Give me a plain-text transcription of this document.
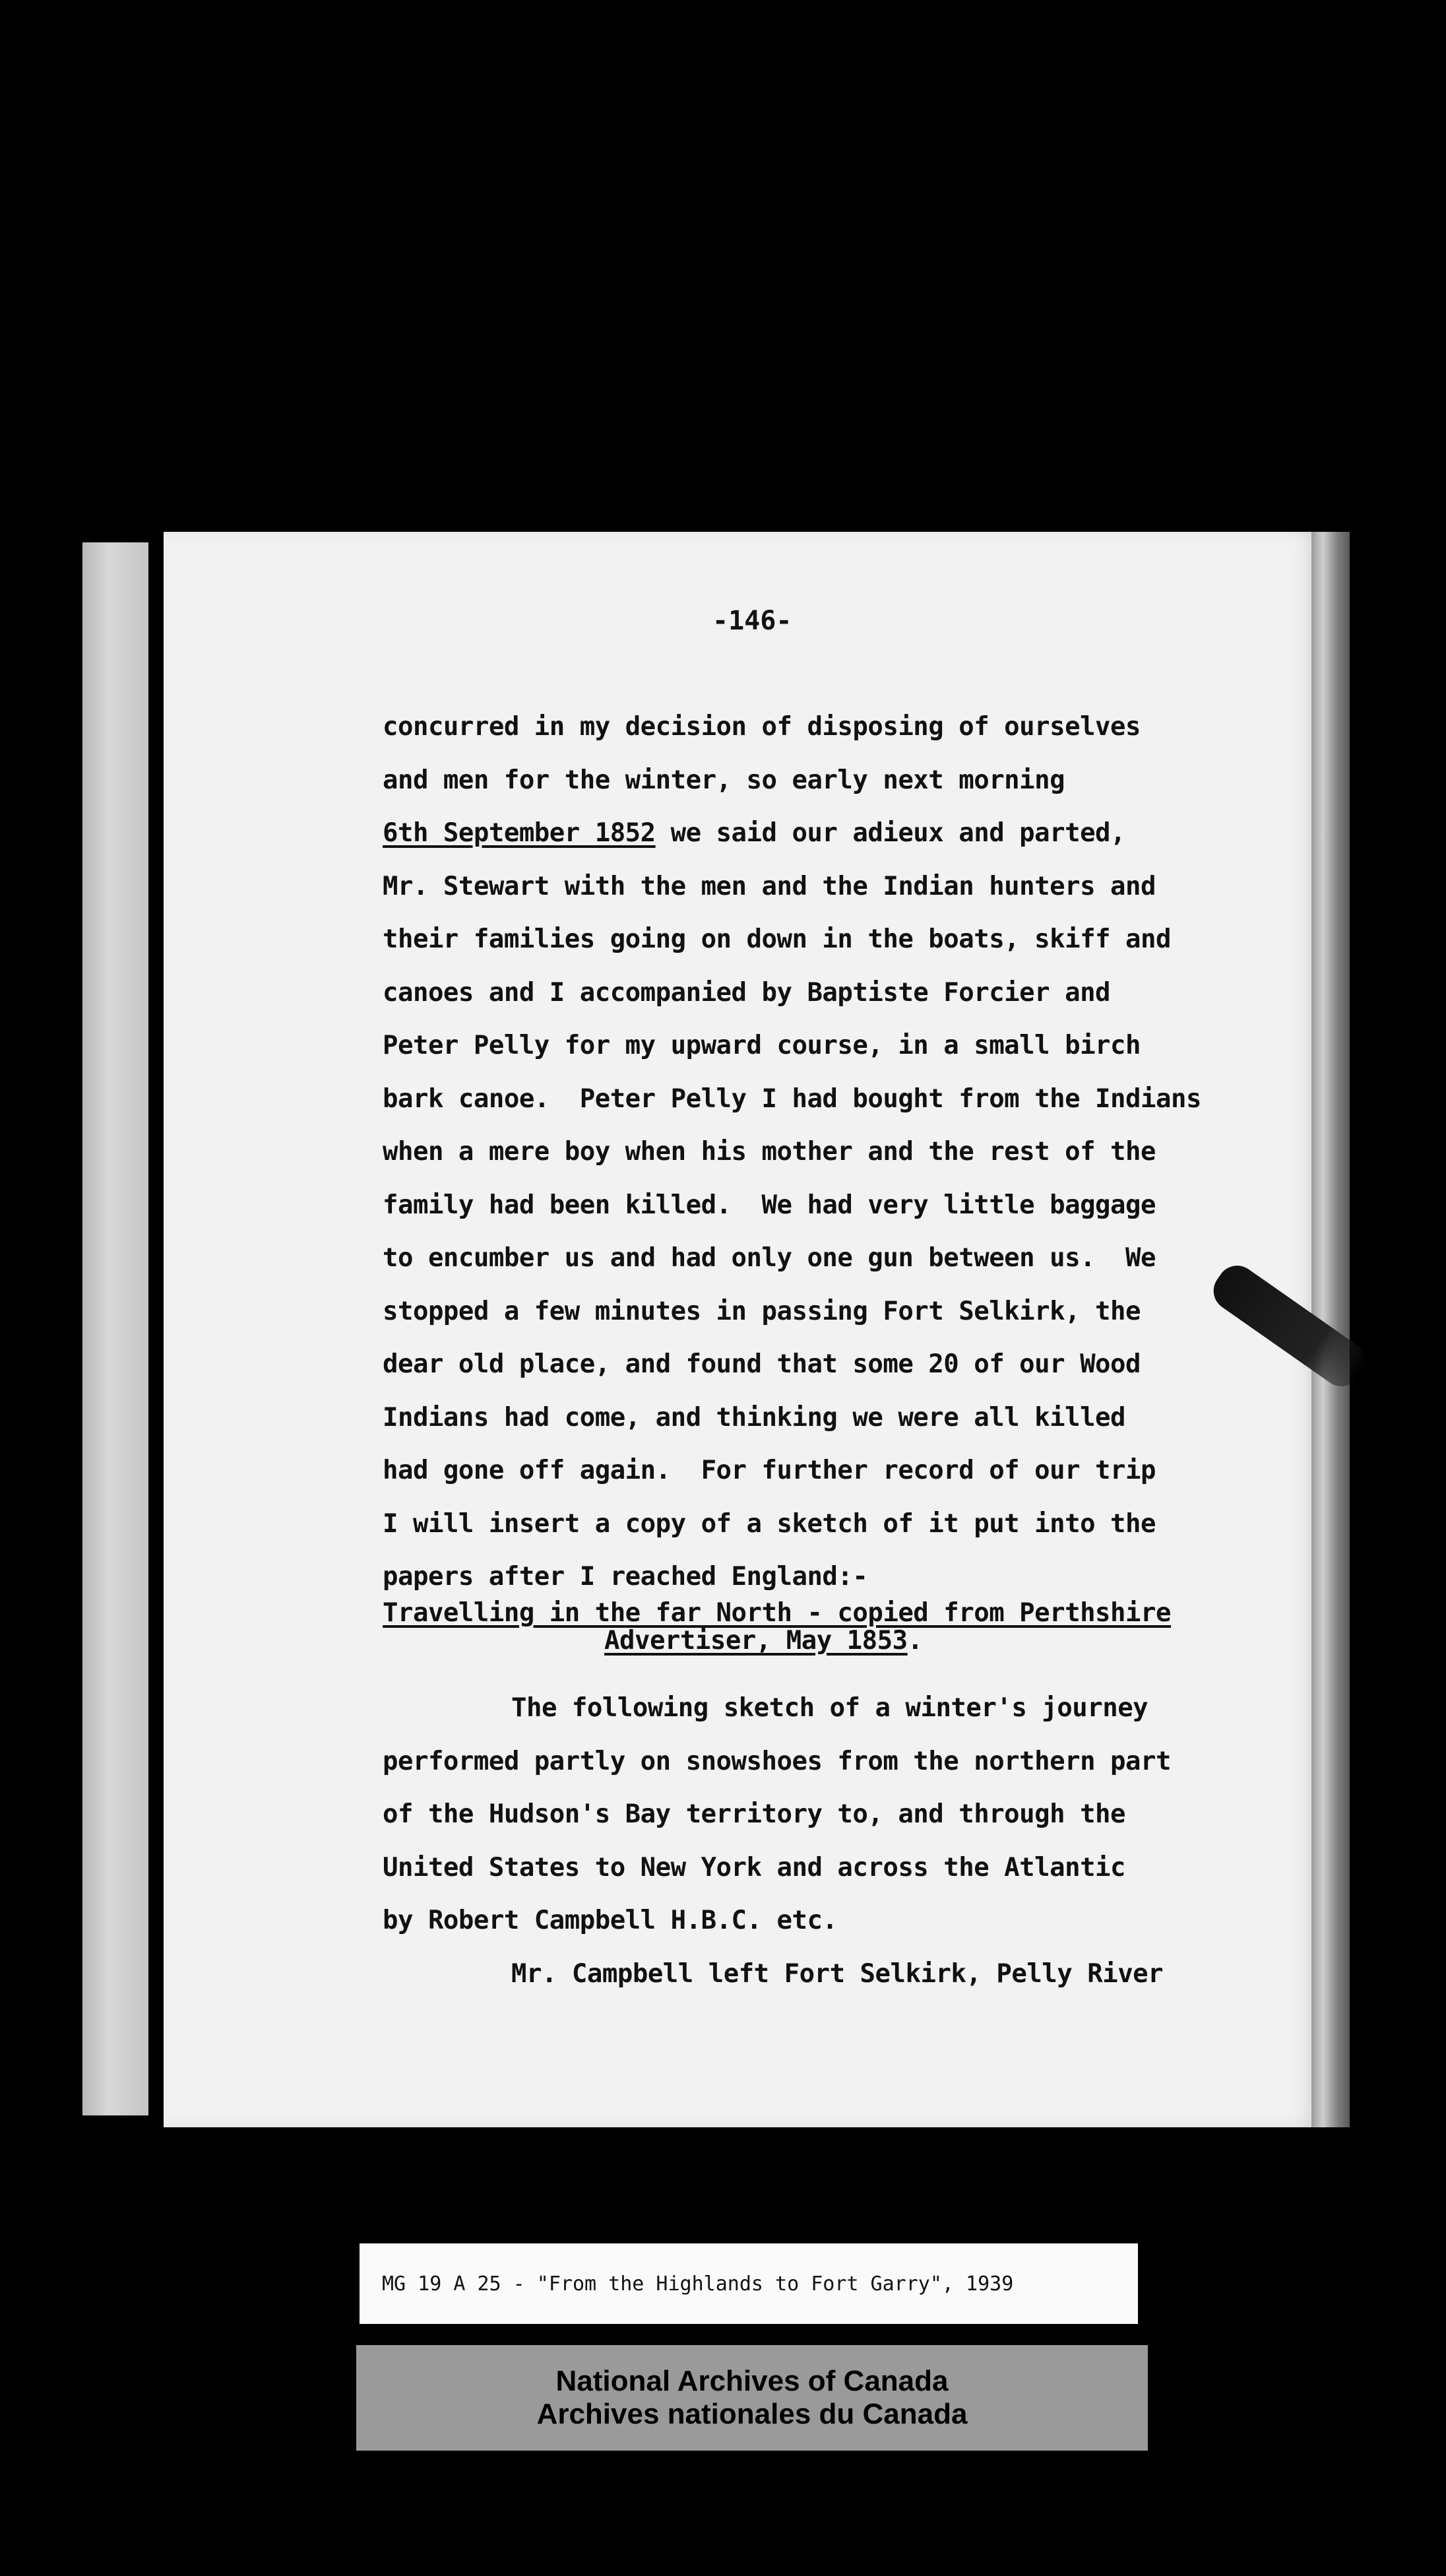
-146-
concurred in my decision of disposing of ourselves
and men for the winter, so early next morning
6th September 1852 we said our adieux and parted,
Mr. Stewart with the men and the Indian hunters and
their families going on down in the boats, skiff and
canoes and I accompanied by Baptiste Forcier and
Peter Pelly for my upward course, in a small birch
bark canoe.  Peter Pelly I had bought from the Indians
when a mere boy when his mother and the rest of the
family had been killed.  We had very little baggage
to encumber us and had only one gun between us.  We
stopped a few minutes in passing Fort Selkirk, the
dear old place, and found that some 20 of our Wood
Indians had come, and thinking we were all killed
had gone off again.  For further record of our trip
I will insert a copy of a sketch of it put into the
papers after I reached England:-
Travelling in the far North - copied from Perthshire
Advertiser, May 1853.
The following sketch of a winter's journey
performed partly on snowshoes from the northern part
of the Hudson's Bay territory to, and through the
United States to New York and across the Atlantic
by Robert Campbell H.B.C. etc.
Mr. Campbell left Fort Selkirk, Pelly River
MG 19 A 25 - "From the Highlands to Fort Garry", 1939
National Archives of Canada
Archives nationales du Canada
